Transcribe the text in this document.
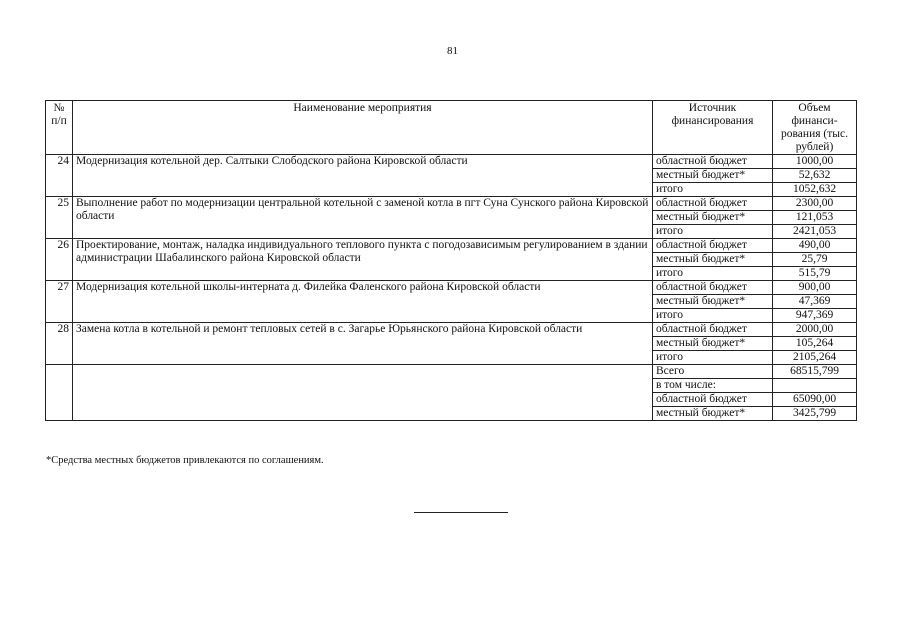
81
№ п/п	Наименование мероприятия	Источник финансирования	Объем финанси-рования (тыс. рублей)
24	Модернизация котельной дер. Салтыки Слободского района Кировской области	областной бюджет	1000,00
		местный бюджет*	52,632
		итого	1052,632
25	Выполнение работ по модернизации центральной котельной с заменой котла в пгт Суна Сунского района Кировской области	областной бюджет	2300,00
		местный бюджет*	121,053
		итого	2421,053
26	Проектирование, монтаж, наладка индивидуального теплового пункта с погодозависимым регулированием в здании администрации Шабалинского района Кировской области	областной бюджет	490,00
		местный бюджет*	25,79
		итого	515,79
27	Модернизация котельной школы-интерната д. Филейка Фаленского района Кировской области	областной бюджет	900,00
		местный бюджет*	47,369
		итого	947,369
28	Замена котла в котельной и ремонт тепловых сетей в с. Загарье Юрьянского района Кировской области	областной бюджет	2000,00
		местный бюджет*	105,264
		итого	2105,264
		Всего	68515,799
		в том числе:	
		областной бюджет	65090,00
		местный бюджет*	3425,799
*Средства местных бюджетов привлекаются по соглашениям.
